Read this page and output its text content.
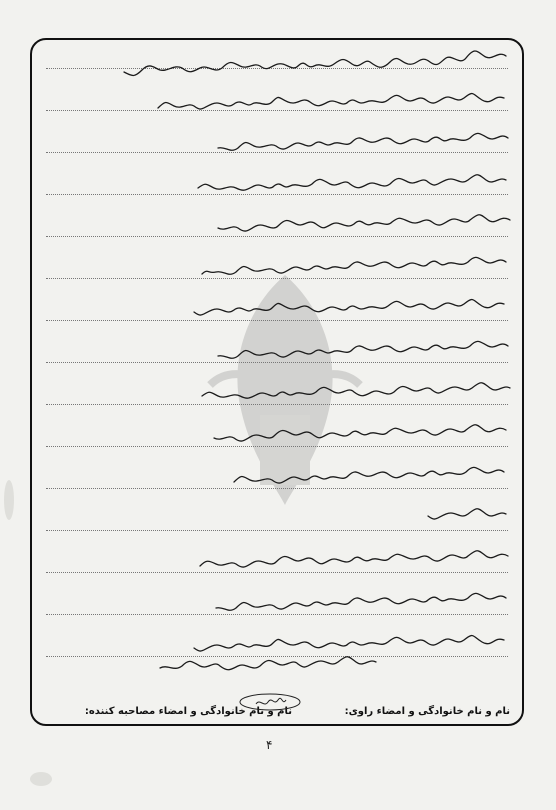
نام و نام خانوادگی و امضاء راوی:
نام و نام خانوادگی و امضاء مصاحبه کننده:
۴
